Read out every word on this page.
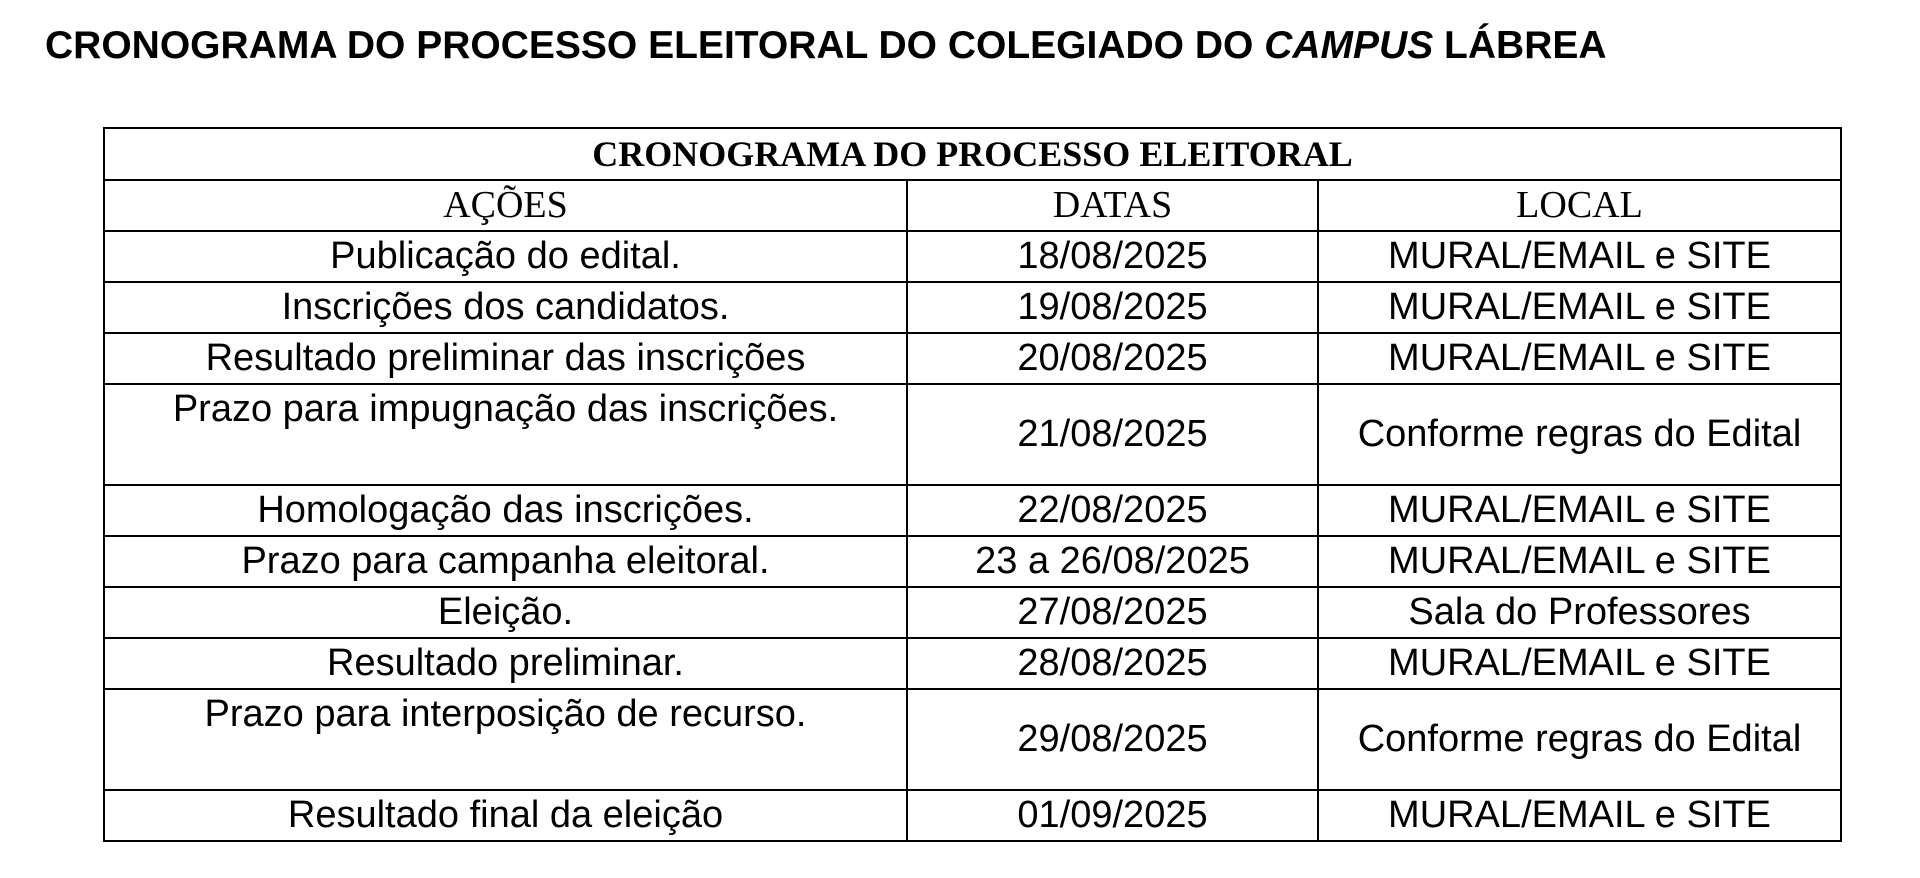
CRONOGRAMA DO PROCESSO ELEITORAL DO COLEGIADO DO CAMPUS LÁBREA
CRONOGRAMA DO PROCESSO ELEITORAL		
AÇÕES	DATAS	LOCAL
Publicação do edital.	18/08/2025	MURAL/EMAIL e SITE
Inscrições dos candidatos.	19/08/2025	MURAL/EMAIL e SITE
Resultado preliminar das inscrições	20/08/2025	MURAL/EMAIL e SITE
Prazo para impugnação das inscrições.	21/08/2025	Conforme regras do Edital
Homologação das inscrições.	22/08/2025	MURAL/EMAIL e SITE
Prazo para campanha eleitoral.	23 a 26/08/2025	MURAL/EMAIL e SITE
Eleição.	27/08/2025	Sala do Professores
Resultado preliminar.	28/08/2025	MURAL/EMAIL e SITE
Prazo para interposição de recurso.	29/08/2025	Conforme regras do Edital
Resultado final da eleição	01/09/2025	MURAL/EMAIL e SITE
